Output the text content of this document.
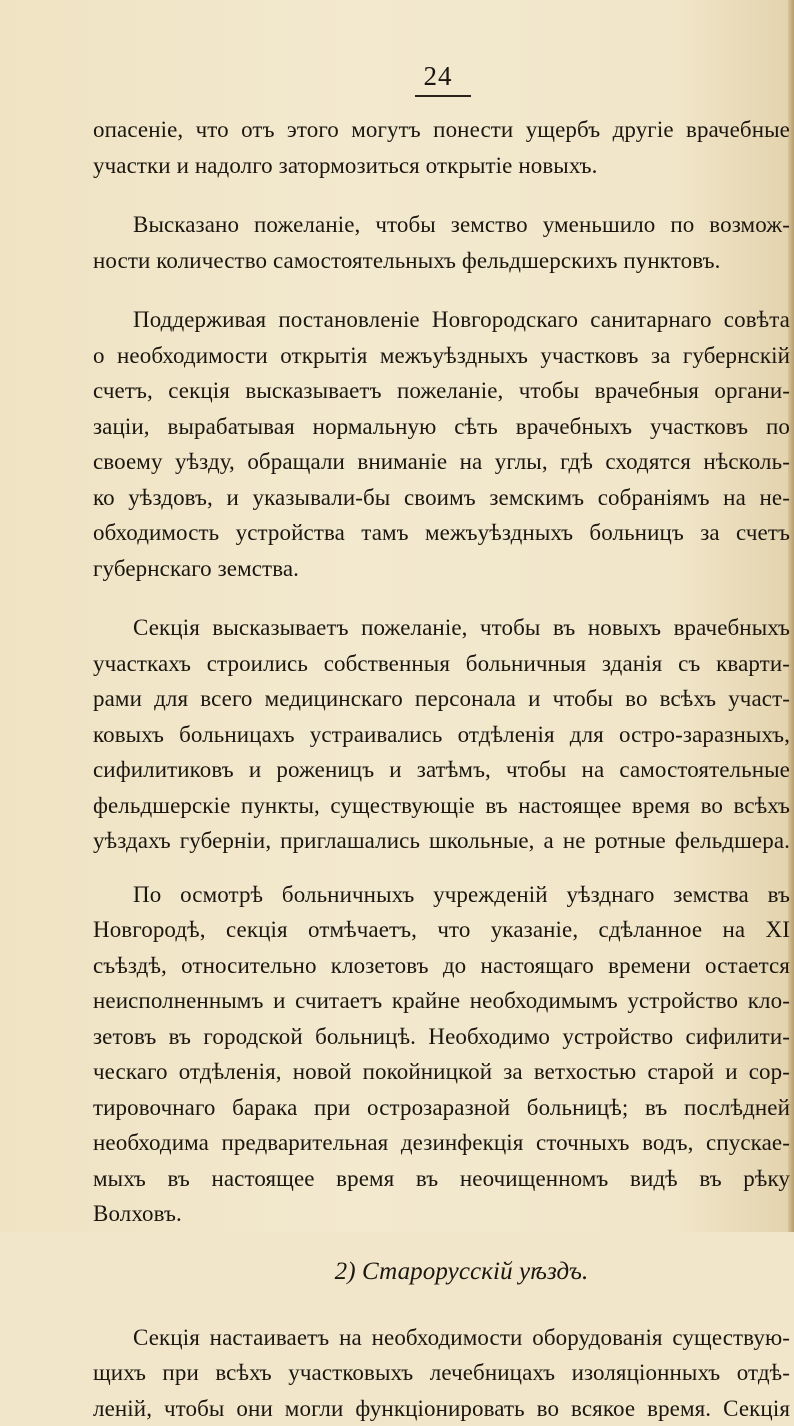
24
опасеніе, что отъ этого могутъ понести ущербъ другіе врачебные
участки и надолго затормозиться открытіе новыхъ.
Высказано пожеланіе, чтобы земство уменьшило по возмож-
ности количество самостоятельныхъ фельдшерскихъ пунктовъ.
Поддерживая постановленіе Новгородскаго санитарнаго совѣта
о необходимости открытія межъуѣздныхъ участковъ за губернскій
счетъ, секція высказываетъ пожеланіе, чтобы врачебныя органи-
заціи, вырабатывая нормальную сѣть врачебныхъ участковъ по
своему уѣзду, обращали вниманіе на углы, гдѣ сходятся нѣсколь-
ко уѣздовъ, и указывали-бы своимъ земскимъ собраніямъ на не-
обходимость устройства тамъ межъуѣздныхъ больницъ за счетъ
губернскаго земства.
Секція высказываетъ пожеланіе, чтобы въ новыхъ врачебныхъ
участкахъ строились собственныя больничныя зданія съ кварти-
рами для всего медицинскаго персонала и чтобы во всѣхъ участ-
ковыхъ больницахъ устраивались отдѣленія для остро-заразныхъ,
сифилитиковъ и роженицъ и затѣмъ, чтобы на самостоятельные
фельдшерскіе пункты, существующіе въ настоящее время во всѣхъ
уѣздахъ губерніи, приглашались школьные, а не ротные фельдшера.
По осмотрѣ больничныхъ учрежденій уѣзднаго земства въ
Новгородѣ, секція отмѣчаетъ, что указаніе, сдѣланное на XI
съѣздѣ, относительно клозетовъ до настоящаго времени остается
неисполненнымъ и считаетъ крайне необходимымъ устройство кло-
зетовъ въ городской больницѣ. Необходимо устройство сифилити-
ческаго отдѣленія, новой покойницкой за ветхостью старой и сор-
тировочнаго барака при острозаразной больницѣ; въ послѣдней
необходима предварительная дезинфекція сточныхъ водъ, спускае-
мыхъ въ настоящее время въ неочищенномъ видѣ въ рѣку
Волховъ.
2) Старорусскій уѣздъ.
Секція настаиваетъ на необходимости оборудованія существую-
щихъ при всѣхъ участковыхъ лечебницахъ изоляціонныхъ отдѣ-
леній, чтобы они могли функціонировать во всякое время. Секція
